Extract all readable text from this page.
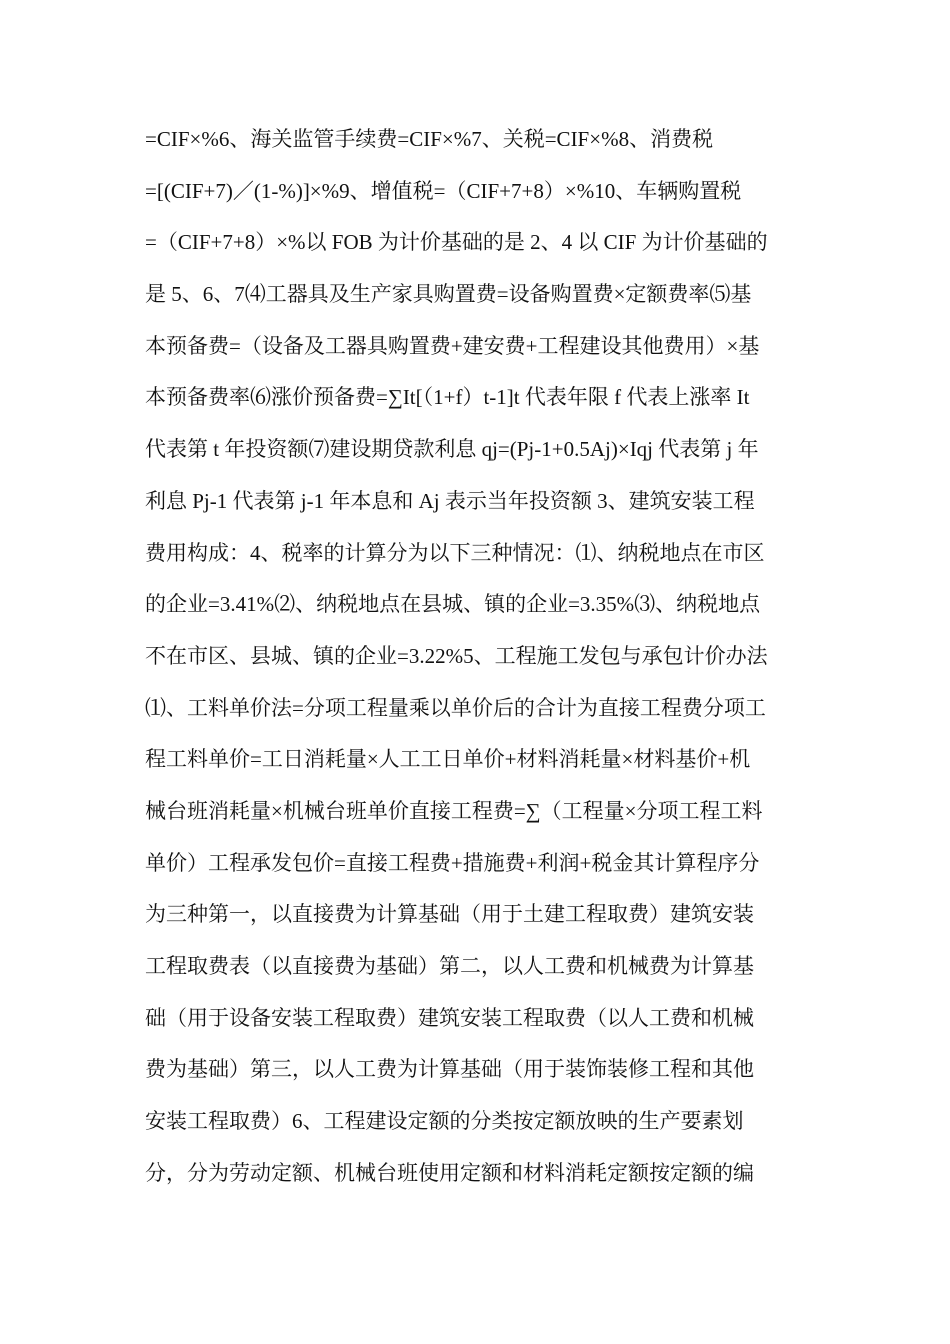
=CIF×%6、海关监管手续费=CIF×%7、关税=CIF×%8、消费税
=[(CIF+7)／(1-%)]×%9、增值税=（CIF+7+8）×%10、车辆购置税
=（CIF+7+8）×%以 FOB 为计价基础的是 2、4 以 CIF 为计价基础的
是 5、6、7⑷工器具及生产家具购置费=设备购置费×定额费率⑸基
本预备费=（设备及工器具购置费+建安费+工程建设其他费用）×基
本预备费率⑹涨价预备费=∑It[（1+f）t-1]t 代表年限 f 代表上涨率 It
代表第 t 年投资额⑺建设期贷款利息 qj=(Pj-1+0.5Aj)×Iqj 代表第 j 年
利息 Pj-1 代表第 j-1 年本息和 Aj 表示当年投资额 3、建筑安装工程
费用构成：4、税率的计算分为以下三种情况：⑴、纳税地点在市区
的企业=3.41%⑵、纳税地点在县城、镇的企业=3.35%⑶、纳税地点
不在市区、县城、镇的企业=3.22%5、工程施工发包与承包计价办法
⑴、工料单价法=分项工程量乘以单价后的合计为直接工程费分项工
程工料单价=工日消耗量×人工工日单价+材料消耗量×材料基价+机
械台班消耗量×机械台班单价直接工程费=∑（工程量×分项工程工料
单价）工程承发包价=直接工程费+措施费+利润+税金其计算程序分
为三种第一，以直接费为计算基础（用于土建工程取费）建筑安装
工程取费表（以直接费为基础）第二，以人工费和机械费为计算基
础（用于设备安装工程取费）建筑安装工程取费（以人工费和机械
费为基础）第三，以人工费为计算基础（用于装饰装修工程和其他
安装工程取费）6、工程建设定额的分类按定额放映的生产要素划
分，分为劳动定额、机械台班使用定额和材料消耗定额按定额的编
